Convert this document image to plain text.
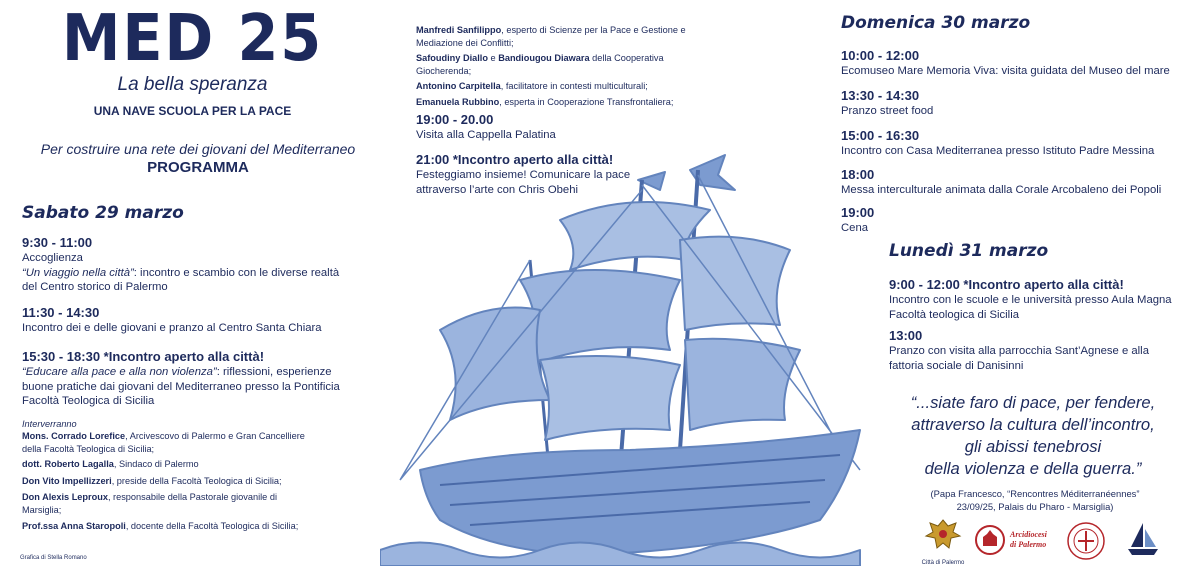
MED 25
La bella speranza
UNA NAVE SCUOLA PER LA PACE
Per costruire una rete dei giovani del Mediterraneo
PROGRAMMA
Sabato 29 marzo
9:30 - 11:00
Accoglienza
“Un viaggio nella città”: incontro e scambio con le diverse realtà
del Centro storico di Palermo
11:30 - 14:30
Incontro dei e delle giovani e pranzo al Centro Santa Chiara
15:30 - 18:30 *Incontro aperto alla città!
“Educare alla pace e alla non violenza”: riflessioni, esperienze
buone pratiche dai giovani del Mediterraneo presso la Pontificia
Facoltà Teologica di Sicilia
Interverranno
Mons. Corrado Lorefice, Arcivescovo di Palermo e Gran Cancelliere
della Facoltà Teologica di Sicilia;
dott. Roberto Lagalla, Sindaco di Palermo
Don Vito Impellizzeri, preside della Facoltà Teologica di Sicilia;
Don Alexis Leproux, responsabile della Pastorale giovanile di
Marsiglia;
Prof.ssa Anna Staropoli, docente della Facoltà Teologica di Sicilia;
Grafica di Stella Romano
Manfredi Sanfilippo, esperto di Scienze per la Pace e Gestione e
Mediazione dei Conflitti;
Safoudiny Diallo e Bandiougou Diawara della Cooperativa
Giocherenda;
Antonino Carpitella, facilitatore in contesti multiculturali;
Emanuela Rubbino, esperta in Cooperazione Transfrontaliera;
19:00 - 20.00
Visita alla Cappella Palatina
21:00 *Incontro aperto alla città!
Festeggiamo insieme! Comunicare la pace
attraverso l’arte con Chris Obehi
Domenica 30 marzo
10:00 - 12:00
Ecomuseo Mare Memoria Viva: visita guidata del Museo del mare
13:30 - 14:30
Pranzo street food
15:00 - 16:30
Incontro con Casa Mediterranea presso Istituto Padre Messina
18:00
Messa interculturale animata dalla Corale Arcobaleno dei Popoli
19:00
Cena
Lunedì 31 marzo
9:00 - 12:00 *Incontro aperto alla città!
Incontro con le scuole e le università presso Aula Magna
Facoltà teologica di Sicilia
13:00
Pranzo con visita alla parrocchia Sant’Agnese e alla
fattoria sociale di Danisinni
“...siate faro di pace, per fendere,
attraverso la cultura dell’incontro,
gli abissi tenebrosi
della violenza e della guerra.”
(Papa Francesco, “Rencontres Méditerranéennes”
23/09/25, Palais du Pharo - Marsiglia)
Città di Palermo
Arcidiocesi
di Palermo
